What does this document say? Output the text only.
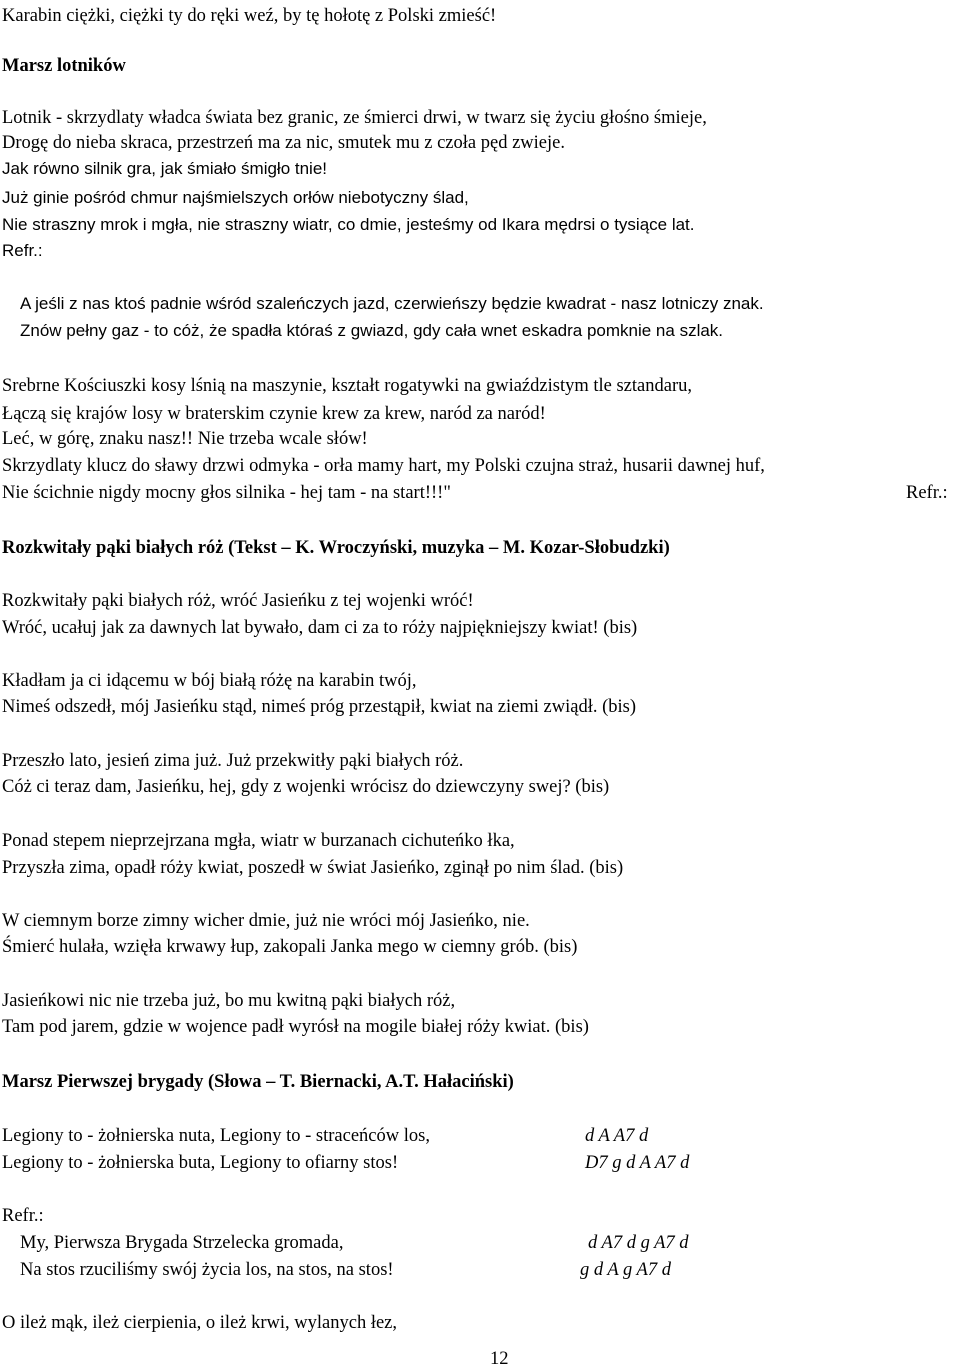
Karabin ciężki, ciężki ty do ręki weź, by tę hołotę z Polski zmieść!
Marsz lotników
Lotnik - skrzydlaty władca świata bez granic, ze śmierci drwi, w twarz się życiu głośno śmieje,
Drogę do nieba skraca, przestrzeń ma za nic, smutek mu z czoła pęd zwieje.
Jak równo silnik gra, jak śmiało śmigło tnie!
Już ginie pośród chmur najśmielszych orłów niebotyczny ślad,
Nie straszny mrok i mgła, nie straszny wiatr, co dmie, jesteśmy od Ikara mędrsi o tysiące lat.
Refr.:
A jeśli z nas ktoś padnie wśród szaleńczych jazd, czerwieńszy będzie kwadrat - nasz lotniczy znak.
Znów pełny gaz - to cóż, że spadła któraś z gwiazd, gdy cała wnet eskadra pomknie na szlak.
Srebrne Kościuszki kosy lśnią na maszynie, kształt rogatywki na gwiaździstym tle sztandaru,
Łączą się krajów losy w braterskim czynie krew za krew, naród za naród!
Leć, w górę, znaku nasz!! Nie trzeba wcale słów!
Skrzydlaty klucz do sławy drzwi odmyka - orła mamy hart, my Polski czujna straż, husarii dawnej huf,
Nie ścichnie nigdy mocny głos silnika - hej tam - na start!!!"	Refr.:
Rozkwitały pąki białych róż (Tekst – K. Wroczyński, muzyka – M. Kozar-Słobudzki)
Rozkwitały pąki białych róż, wróć Jasieńku z tej wojenki wróć!
Wróć, ucałuj jak za dawnych lat bywało, dam ci za to róży najpiękniejszy kwiat! (bis)
Kładłam ja ci idącemu w bój białą różę na karabin twój,
Nimeś odszedł, mój Jasieńku stąd, nimeś próg przestąpił, kwiat na ziemi zwiądł. (bis)
Przeszło lato, jesień zima już. Już przekwitły pąki białych róż.
Cóż ci teraz dam, Jasieńku, hej, gdy z wojenki wrócisz do dziewczyny swej? (bis)
Ponad stepem nieprzejrzana mgła, wiatr w burzanach cichuteńko łka,
Przyszła zima, opadł róży kwiat, poszedł w świat Jasieńko, zginął po nim ślad. (bis)
W ciemnym borze zimny wicher dmie, już nie wróci mój Jasieńko, nie.
Śmierć hulała, wzięła krwawy łup, zakopali Janka mego w ciemny grób. (bis)
Jasieńkowi nic nie trzeba już, bo mu kwitną pąki białych róż,
Tam pod jarem, gdzie w wojence padł wyrósł na mogile białej róży kwiat. (bis)
Marsz Pierwszej brygady (Słowa – T. Biernacki, A.T. Hałaciński)
Legiony to - żołnierska nuta, Legiony to - straceńców los,	d A A7 d
Legiony to - żołnierska buta, Legiony to ofiarny stos!	D7 g d A A7 d
Refr.:
My, Pierwsza Brygada Strzelecka gromada,	d A7 d g A7 d
Na stos rzuciliśmy swój życia los, na stos, na stos!	g d A g A7 d
O ileż mąk, ileż cierpienia, o ileż krwi, wylanych łez,
12
